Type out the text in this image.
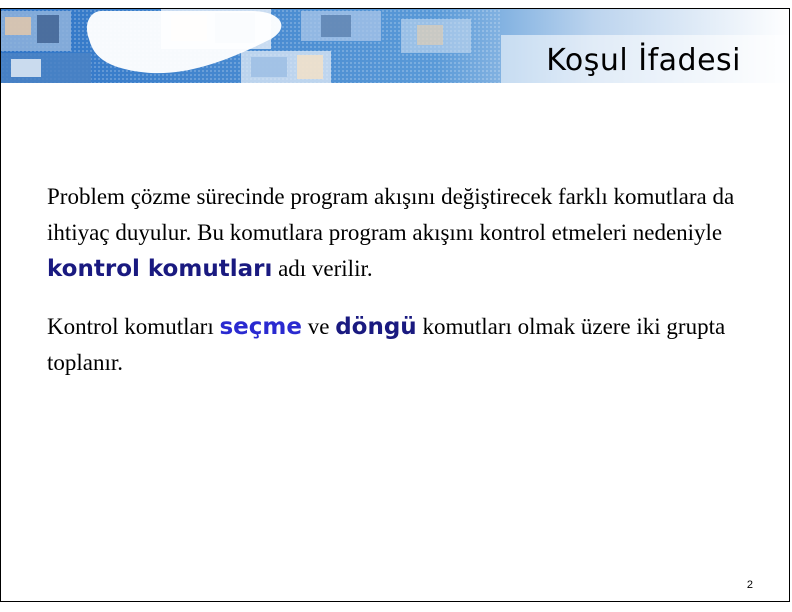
Koşul İfadesi

Problem çözme sürecinde program akışını değiştirecek farklı komutlara da ihtiyaç duyulur. Bu komutlara program akışını kontrol etmeleri nedeniyle kontrol komutları adı verilir.

Kontrol komutları seçme ve döngü komutları olmak üzere iki grupta toplanır.

2
